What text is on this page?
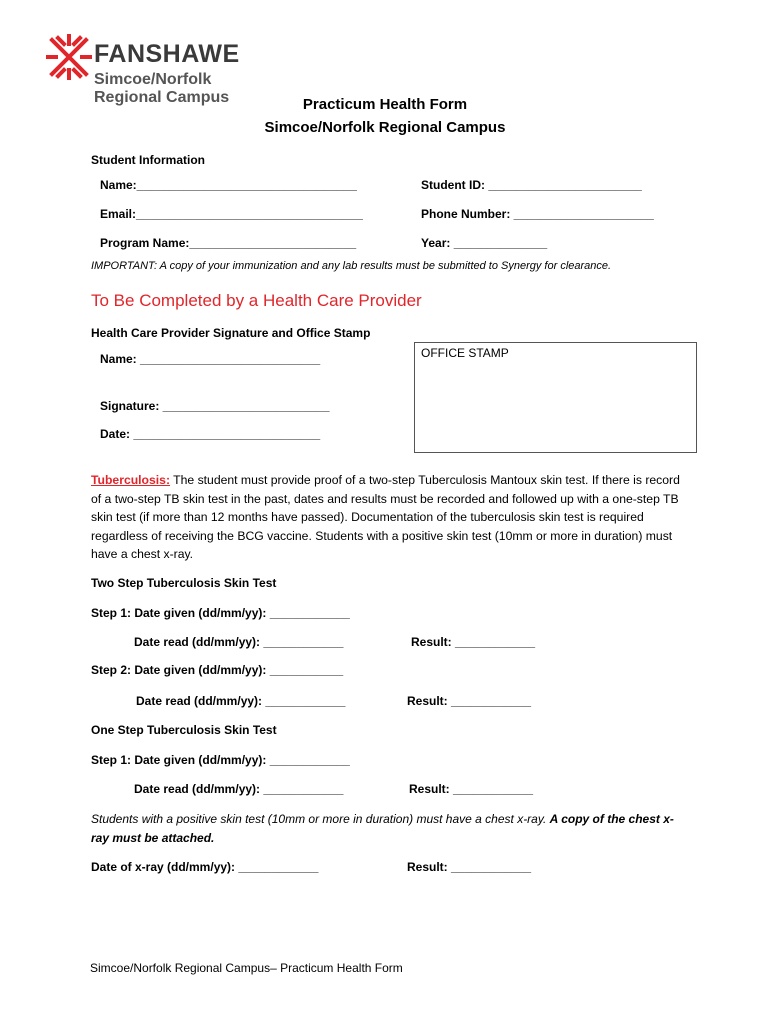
FANSHAWE
Simcoe/Norfolk
Regional Campus	Practicum Health Form
Simcoe/Norfolk Regional Campus
Student Information
Name:_________________________________	Student ID: _______________________
Email:__________________________________	Phone Number: _____________________
Program Name:_________________________	Year: ______________
IMPORTANT: A copy of your immunization and any lab results must be submitted to Synergy for clearance.
To Be Completed by a Health Care Provider
Health Care Provider Signature and Office Stamp
Name: ___________________________
Signature: _________________________
Date: ____________________________
OFFICE STAMP
Tuberculosis: The student must provide proof of a two-step Tuberculosis Mantoux skin test. If there is record of a two-step TB skin test in the past, dates and results must be recorded and followed up with a one-step TB skin test (if more than 12 months have passed). Documentation of the tuberculosis skin test is required regardless of receiving the BCG vaccine. Students with a positive skin test (10mm or more in duration) must have a chest x-ray.
Two Step Tuberculosis Skin Test
Step 1: Date given (dd/mm/yy): ____________
Date read (dd/mm/yy): ____________	Result: ____________
Step 2: Date given (dd/mm/yy): ___________
Date read (dd/mm/yy): ____________	Result: ____________
One Step Tuberculosis Skin Test
Step 1: Date given (dd/mm/yy): ____________
Date read (dd/mm/yy): ____________	Result: ____________
Students with a positive skin test (10mm or more in duration) must have a chest x-ray. A copy of the chest x-ray must be attached.
Date of x-ray (dd/mm/yy): ____________	Result: ____________
Simcoe/Norfolk Regional Campus– Practicum Health Form
